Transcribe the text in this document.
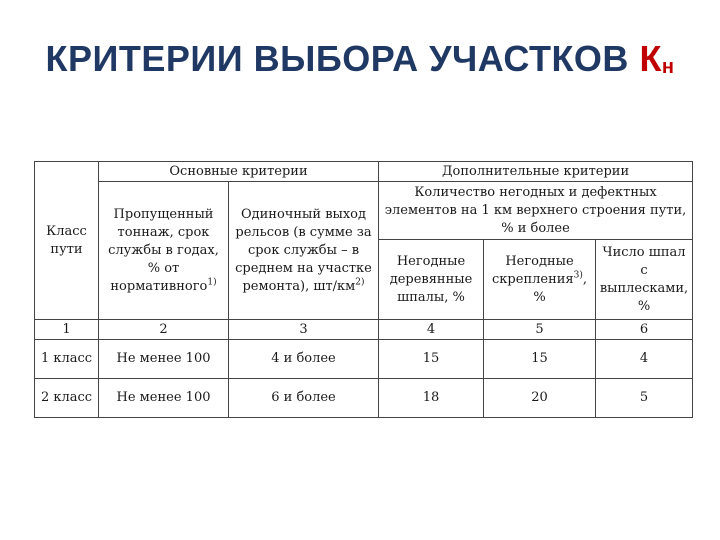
КРИТЕРИИ ВЫБОРА УЧАСТКОВ $К_н$
Класс пути	Основные критерии		Дополнительные критерии		
	Пропущенный тоннаж, срок службы в годах, % от нормативного$^{1)}$	Одиночный выход рельсов (в сумме за срок службы – в среднем на участке ремонта), $шт/км^{2)}$	Количество негодных и дефектных элементов на 1 км верхнего строения пути, % и более		
			Негодные деревянные шпалы, %	Негодные скрепления$^{3)}$, %	Число шпал с выплесками, %
1	2	3	4	5	6
1 класс	Не менее 100	4 и более	15	15	4
2 класс	Не менее 100	6 и более	18	20	5
